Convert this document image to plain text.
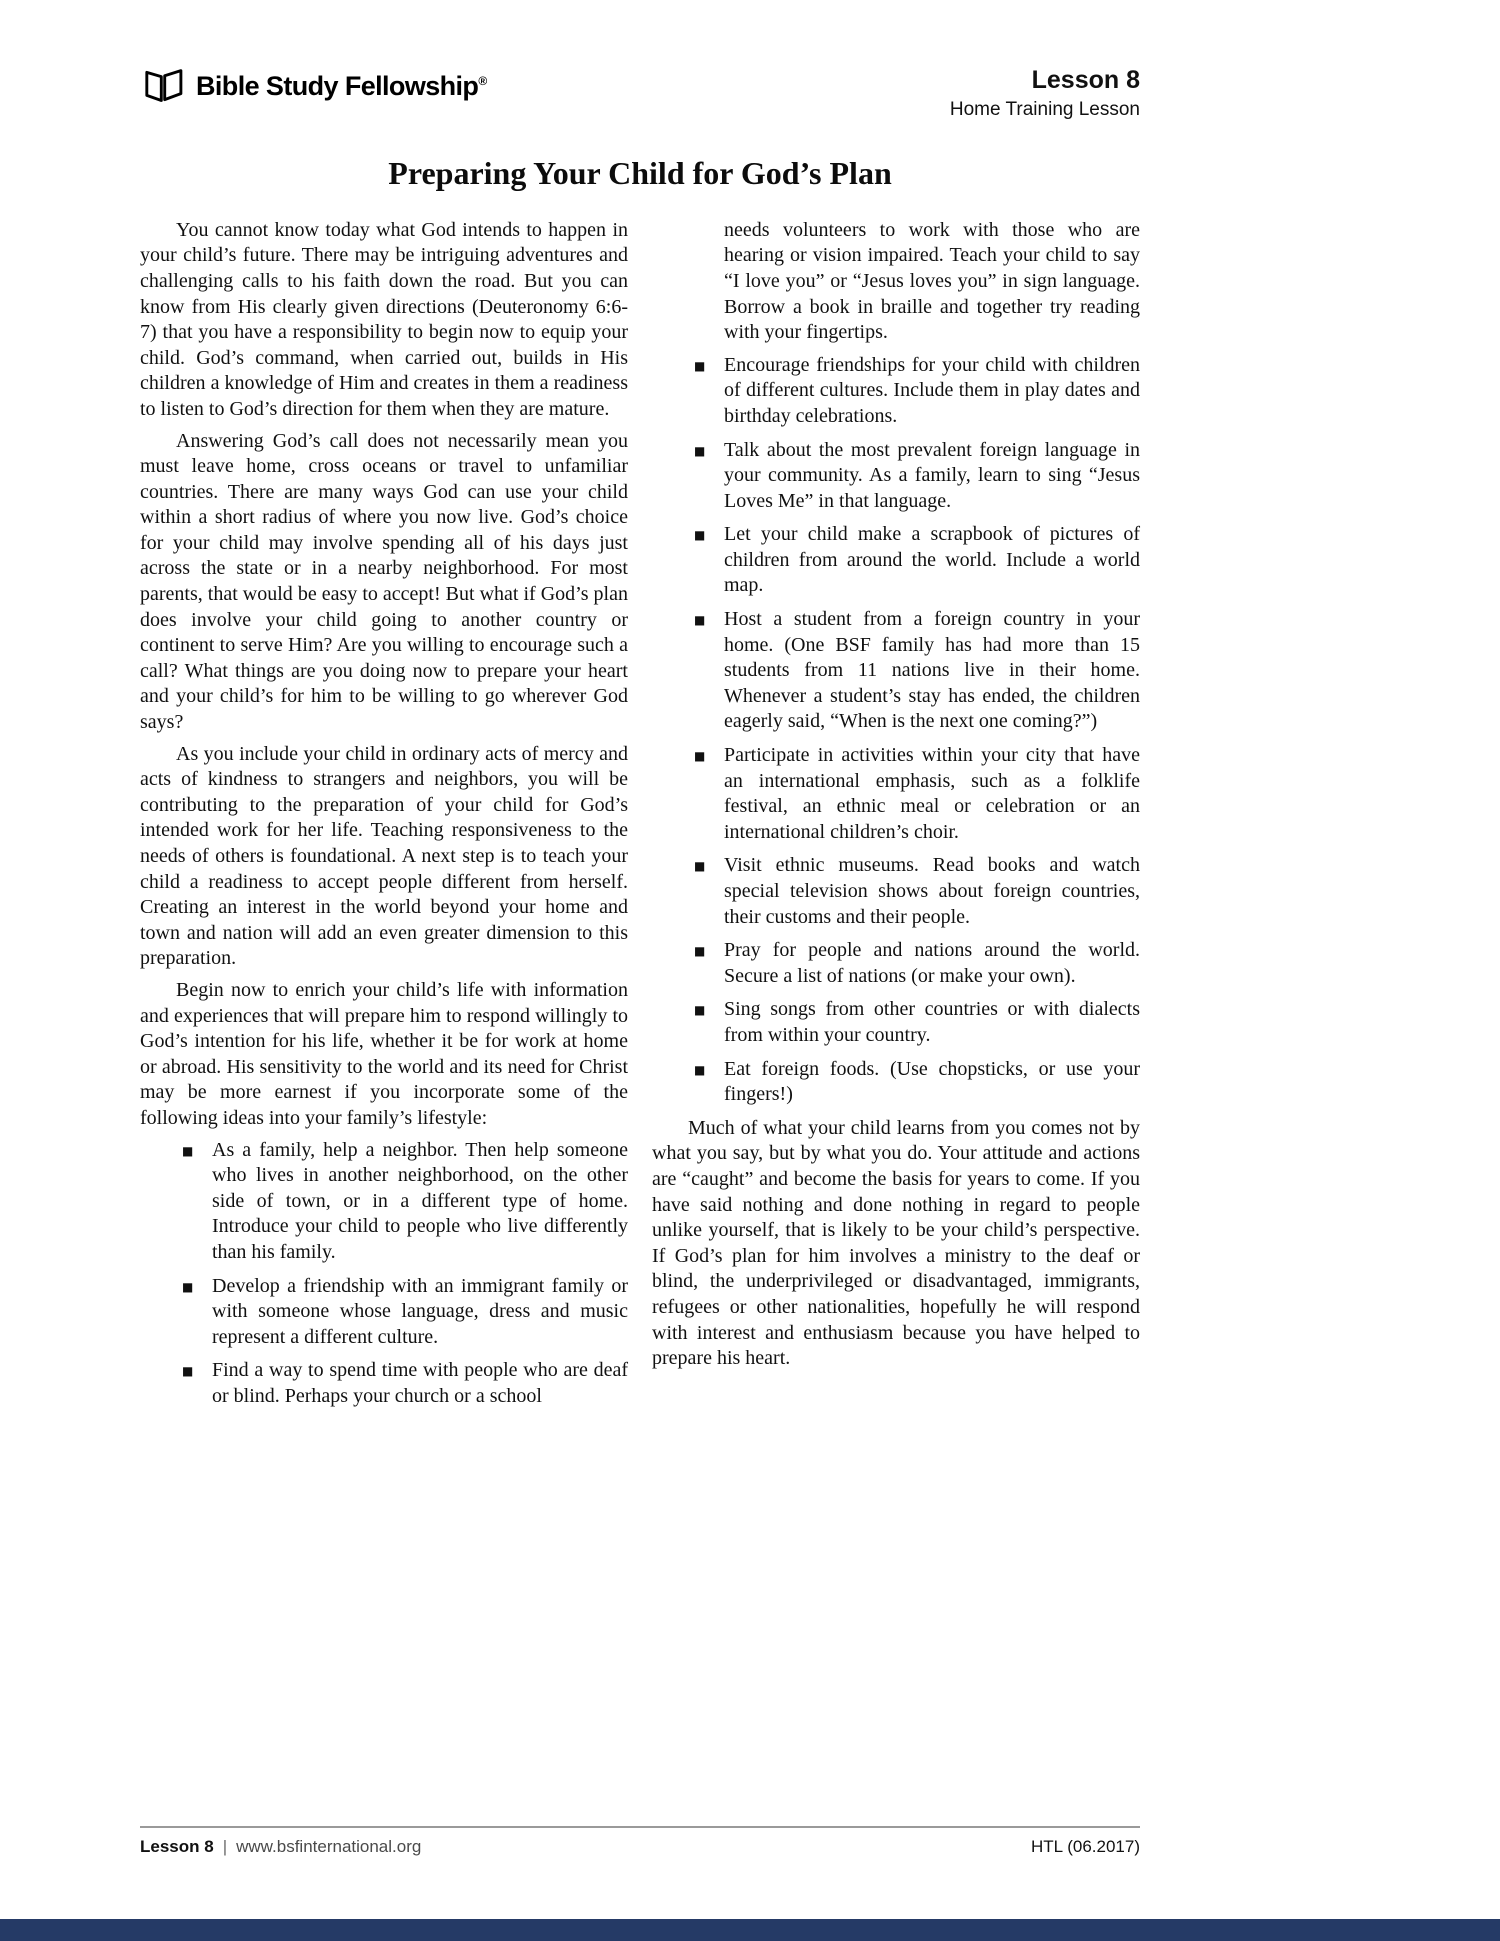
Bible Study Fellowship®	Lesson 8
Home Training Lesson
Preparing Your Child for God’s Plan

You cannot know today what God intends to happen in your child’s future. There may be intriguing adventures and challenging calls to his faith down the road. But you can know from His clearly given directions (Deuteronomy 6:6-7) that you have a responsibility to begin now to equip your child. God’s command, when carried out, builds in His children a knowledge of Him and creates in them a readiness to listen to God’s direction for them when they are mature.

Answering God’s call does not necessarily mean you must leave home, cross oceans or travel to unfamiliar countries. There are many ways God can use your child within a short radius of where you now live. God’s choice for your child may involve spending all of his days just across the state or in a nearby neighborhood. For most parents, that would be easy to accept! But what if God’s plan does involve your child going to another country or continent to serve Him? Are you willing to encourage such a call? What things are you doing now to prepare your heart and your child’s for him to be willing to go wherever God says?

As you include your child in ordinary acts of mercy and acts of kindness to strangers and neighbors, you will be contributing to the preparation of your child for God’s intended work for her life. Teaching responsiveness to the needs of others is foundational. A next step is to teach your child a readiness to accept people different from herself. Creating an interest in the world beyond your home and town and nation will add an even greater dimension to this preparation.

Begin now to enrich your child’s life with information and experiences that will prepare him to respond willingly to God’s intention for his life, whether it be for work at home or abroad. His sensitivity to the world and its need for Christ may be more earnest if you incorporate some of the following ideas into your family’s lifestyle:

■ As a family, help a neighbor. Then help someone who lives in another neighborhood, on the other side of town, or in a different type of home. Introduce your child to people who live differently than his family.
■ Develop a friendship with an immigrant family or with someone whose language, dress and music represent a different culture.
■ Find a way to spend time with people who are deaf or blind. Perhaps your church or a school

needs volunteers to work with those who are hearing or vision impaired. Teach your child to say “I love you” or “Jesus loves you” in sign language. Borrow a book in braille and together try reading with your fingertips.

■ Encourage friendships for your child with children of different cultures. Include them in play dates and birthday celebrations.
■ Talk about the most prevalent foreign language in your community. As a family, learn to sing “Jesus Loves Me” in that language.
■ Let your child make a scrapbook of pictures of children from around the world. Include a world map.
■ Host a student from a foreign country in your home. (One BSF family has had more than 15 students from 11 nations live in their home. Whenever a student’s stay has ended, the children eagerly said, “When is the next one coming?”)
■ Participate in activities within your city that have an international emphasis, such as a folklife festival, an ethnic meal or celebration or an international children’s choir.
■ Visit ethnic museums. Read books and watch special television shows about foreign countries, their customs and their people.
■ Pray for people and nations around the world. Secure a list of nations (or make your own).
■ Sing songs from other countries or with dialects from within your country.
■ Eat foreign foods. (Use chopsticks, or use your fingers!)

Much of what your child learns from you comes not by what you say, but by what you do. Your attitude and actions are “caught” and become the basis for years to come. If you have said nothing and done nothing in regard to people unlike yourself, that is likely to be your child’s perspective. If God’s plan for him involves a ministry to the deaf or blind, the underprivileged or disadvantaged, immigrants, refugees or other nationalities, hopefully he will respond with interest and enthusiasm because you have helped to prepare his heart.

Lesson 8 | www.bsfinternational.org	HTL (06.2017)
